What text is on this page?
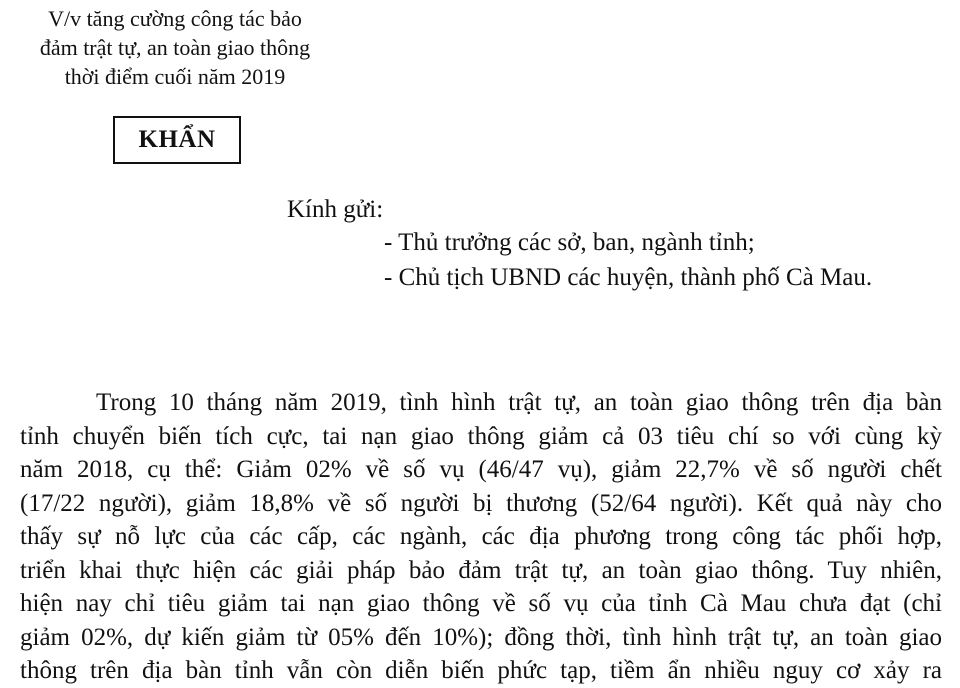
V/v tăng cường công tác bảo
đảm trật tự, an toàn giao thông
thời điểm cuối năm 2019
KHẨN
Kính gửi:
- Thủ trưởng các sở, ban, ngành tỉnh;
- Chủ tịch UBND các huyện, thành phố Cà Mau.
Trong 10 tháng năm 2019, tình hình trật tự, an toàn giao thông trên địa bàn
tỉnh chuyển biến tích cực, tai nạn giao thông giảm cả 03 tiêu chí so với cùng kỳ
năm 2018, cụ thể: Giảm 02% về số vụ (46/47 vụ), giảm 22,7% về số người chết
(17/22 người), giảm 18,8% về số người bị thương (52/64 người). Kết quả này cho
thấy sự nỗ lực của các cấp, các ngành, các địa phương trong công tác phối hợp,
triển khai thực hiện các giải pháp bảo đảm trật tự, an toàn giao thông. Tuy nhiên,
hiện nay chỉ tiêu giảm tai nạn giao thông về số vụ của tỉnh Cà Mau chưa đạt (chỉ
giảm 02%, dự kiến giảm từ 05% đến 10%); đồng thời, tình hình trật tự, an toàn giao
thông trên địa bàn tỉnh vẫn còn diễn biến phức tạp, tiềm ẩn nhiều nguy cơ xảy ra
